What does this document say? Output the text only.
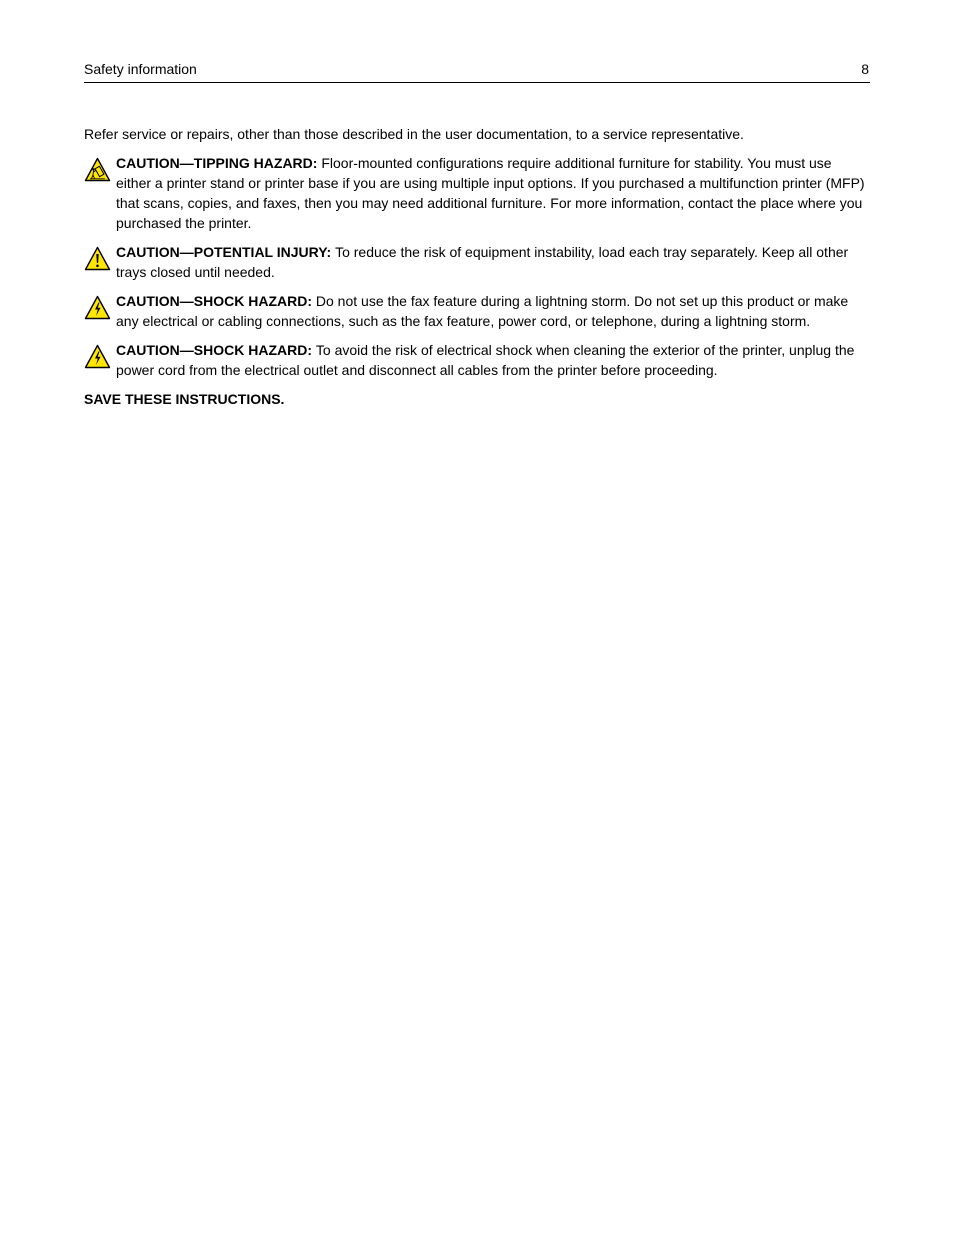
Safety information	8

Refer service or repairs, other than those described in the user documentation, to a service representative.

CAUTION—TIPPING HAZARD: Floor-mounted configurations require additional furniture for stability. You must use either a printer stand or printer base if you are using multiple input options. If you purchased a multifunction printer (MFP) that scans, copies, and faxes, then you may need additional furniture. For more information, contact the place where you purchased the printer.
CAUTION—POTENTIAL INJURY: To reduce the risk of equipment instability, load each tray separately. Keep all other trays closed until needed.
CAUTION—SHOCK HAZARD: Do not use the fax feature during a lightning storm. Do not set up this product or make any electrical or cabling connections, such as the fax feature, power cord, or telephone, during a lightning storm.
CAUTION—SHOCK HAZARD: To avoid the risk of electrical shock when cleaning the exterior of the printer, unplug the power cord from the electrical outlet and disconnect all cables from the printer before proceeding.

SAVE THESE INSTRUCTIONS.
